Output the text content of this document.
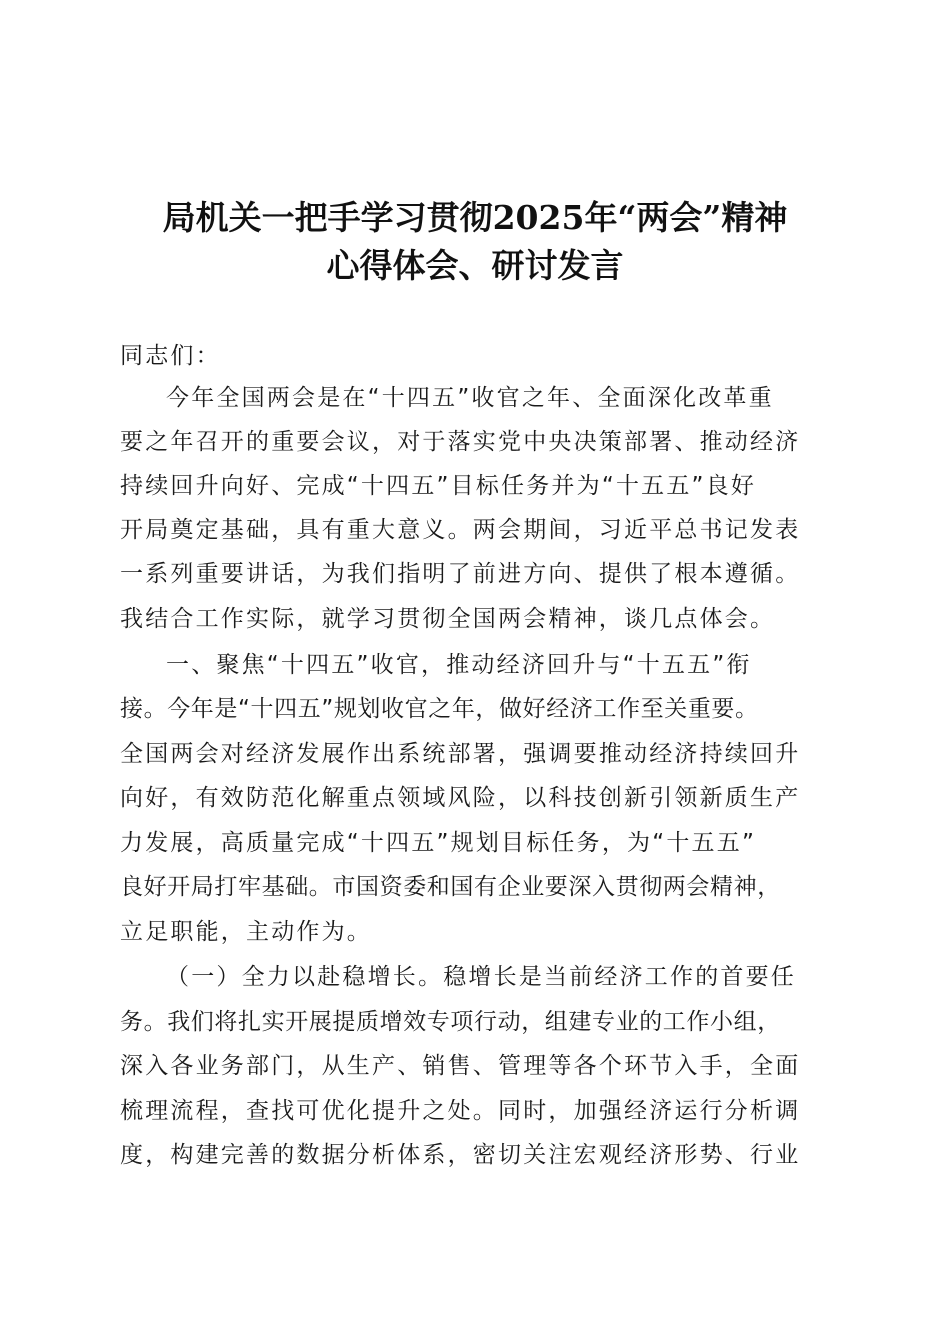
局机关一把手学习贯彻2025年“两会”精神
心得体会、研讨发言
同志们：
今年全国两会是在“十四五”收官之年、全面深化改革重
要之年召开的重要会议，对于落实党中央决策部署、推动经济
持续回升向好、完成“十四五”目标任务并为“十五五”良好
开局奠定基础，具有重大意义。两会期间，习近平总书记发表
一系列重要讲话，为我们指明了前进方向、提供了根本遵循。
我结合工作实际，就学习贯彻全国两会精神，谈几点体会。
一、聚焦“十四五”收官，推动经济回升与“十五五”衔
接。今年是“十四五”规划收官之年，做好经济工作至关重要。
全国两会对经济发展作出系统部署，强调要推动经济持续回升
向好，有效防范化解重点领域风险，以科技创新引领新质生产
力发展，高质量完成“十四五”规划目标任务，为“十五五”
良好开局打牢基础。市国资委和国有企业要深入贯彻两会精神，
立足职能，主动作为。
（一）全力以赴稳增长。稳增长是当前经济工作的首要任
务。我们将扎实开展提质增效专项行动，组建专业的工作小组，
深入各业务部门，从生产、销售、管理等各个环节入手，全面
梳理流程，查找可优化提升之处。同时，加强经济运行分析调
度，构建完善的数据分析体系，密切关注宏观经济形势、行业
